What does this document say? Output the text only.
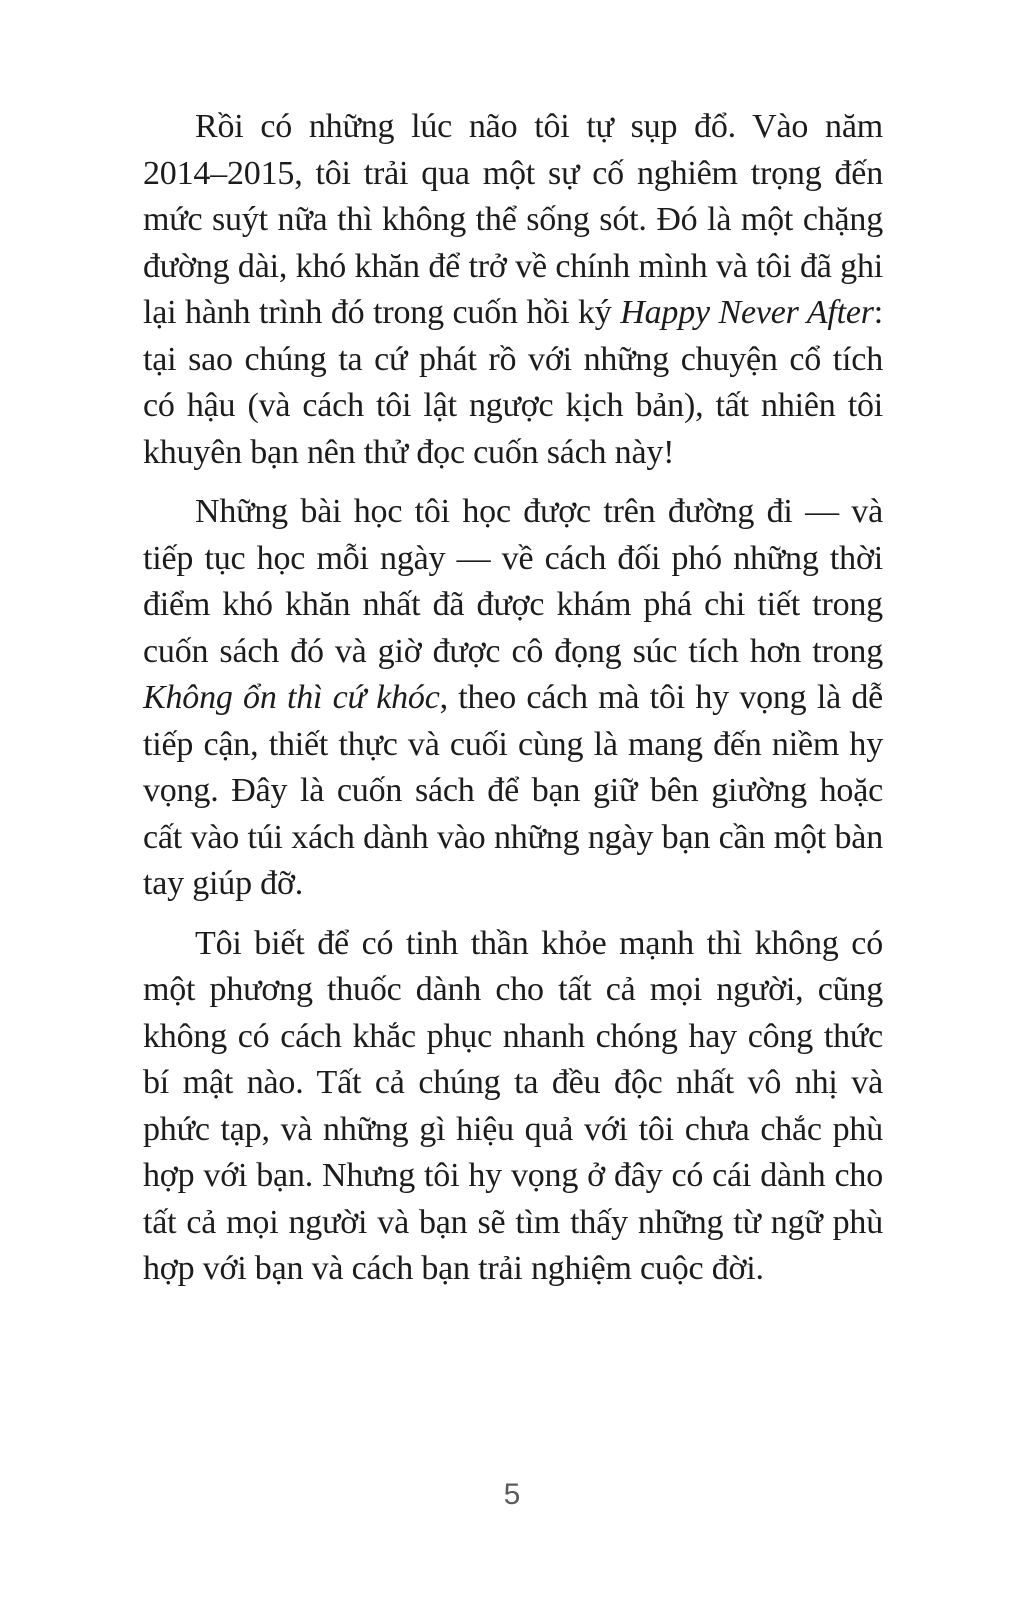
Rồi có những lúc não tôi tự sụp đổ. Vào năm 2014–2015, tôi trải qua một sự cố nghiêm trọng đến mức suýt nữa thì không thể sống sót. Đó là một chặng đường dài, khó khăn để trở về chính mình và tôi đã ghi lại hành trình đó trong cuốn hồi ký Happy Never After: tại sao chúng ta cứ phát rồ với những chuyện cổ tích có hậu (và cách tôi lật ngược kịch bản), tất nhiên tôi khuyên bạn nên thử đọc cuốn sách này!

Những bài học tôi học được trên đường đi — và tiếp tục học mỗi ngày — về cách đối phó những thời điểm khó khăn nhất đã được khám phá chi tiết trong cuốn sách đó và giờ được cô đọng súc tích hơn trong Không ổn thì cứ khóc, theo cách mà tôi hy vọng là dễ tiếp cận, thiết thực và cuối cùng là mang đến niềm hy vọng. Đây là cuốn sách để bạn giữ bên giường hoặc cất vào túi xách dành vào những ngày bạn cần một bàn tay giúp đỡ.

Tôi biết để có tinh thần khỏe mạnh thì không có một phương thuốc dành cho tất cả mọi người, cũng không có cách khắc phục nhanh chóng hay công thức bí mật nào. Tất cả chúng ta đều độc nhất vô nhị và phức tạp, và những gì hiệu quả với tôi chưa chắc phù hợp với bạn. Nhưng tôi hy vọng ở đây có cái dành cho tất cả mọi người và bạn sẽ tìm thấy những từ ngữ phù hợp với bạn và cách bạn trải nghiệm cuộc đời.

5
